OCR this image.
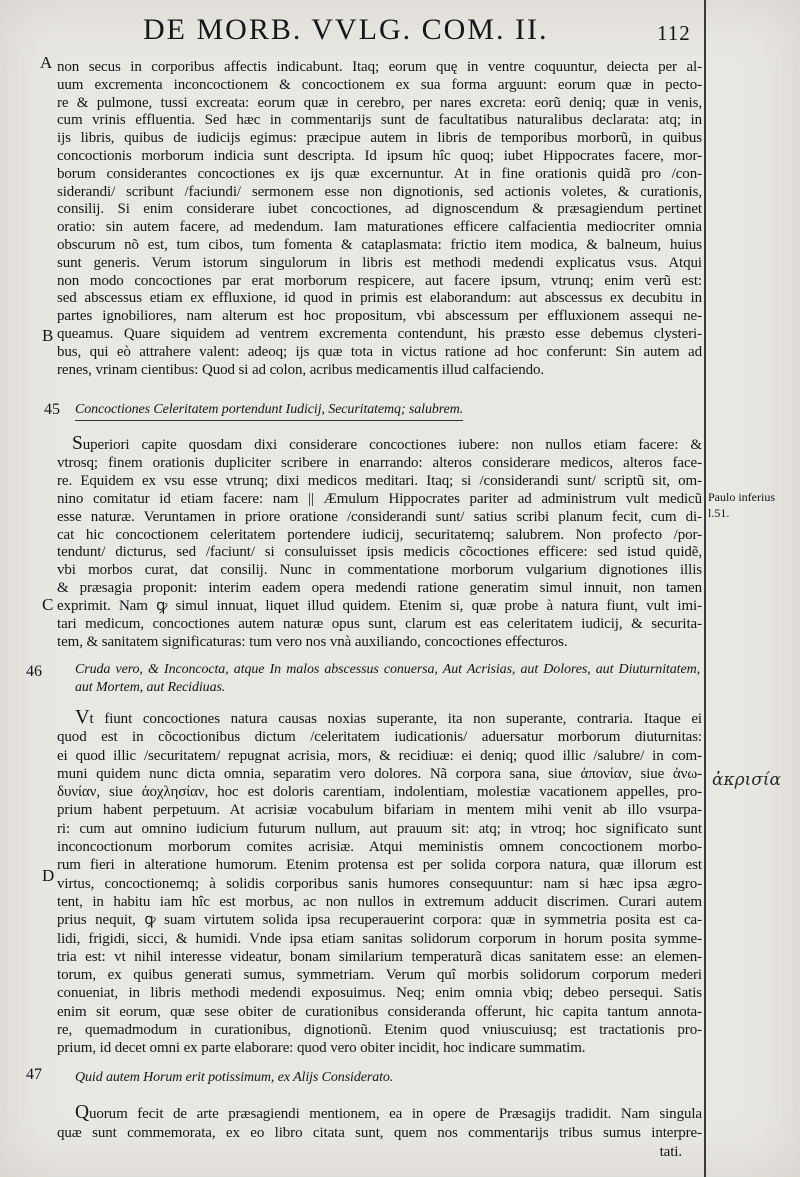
DE MORB. VVLG. COM. II.	112
A
B
C
D
45
46
47
Paulo inferius
l.51.
ἀκρισία
non secus in corporibus affectis indicabunt. Itaq; eorum quę in ventre coquuntur, deiecta per al-
uum excrementa inconcoctionem & concoctionem ex sua forma arguunt: eorum quæ in pecto-
re & pulmone, tussi excreata: eorum quæ in cerebro, per nares excreta: eorũ deniq; quæ in venis,
cum vrinis effluentia. Sed hæc in commentarijs sunt de facultatibus naturalibus declarata: atq; in
ijs libris, quibus de iudicijs egimus: præcipue autem in libris de temporibus morborũ, in quibus
concoctionis morborum indicia sunt descripta. Id ipsum hîc quoq; iubet Hippocrates facere, mor-
borum considerantes concoctiones ex ijs quæ excernuntur. At in fine orationis quidã pro /con-
siderandi/ scribunt /faciundi/ sermonem esse non dignotionis, sed actionis voletes, & curationis,
consilij. Si enim considerare iubet concoctiones, ad dignoscendum & præsagiendum pertinet
oratio: sin autem facere, ad medendum. Iam maturationes efficere calfacientia mediocriter omnia
obscurum nõ est, tum cibos, tum fomenta & cataplasmata: frictio item modica, & balneum, huius
sunt generis. Verum istorum singulorum in libris est methodi medendi explicatus vsus. Atqui
non modo concoctiones par erat morborum respicere, aut facere ipsum, vtrunq; enim verũ est:
sed abscessus etiam ex effluxione, id quod in primis est elaborandum: aut abscessus ex decubitu in
partes ignobiliores, nam alterum est hoc propositum, vbi abscessum per effluxionem assequi ne-
queamus. Quare siquidem ad ventrem excrementa contendunt, his præsto esse debemus clysteri-
bus, qui eò attrahere valent: adeoq; ijs quæ tota in victus ratione ad hoc conferunt: Sin autem ad
renes, vrinam cientibus: Quod si ad colon, acribus medicamentis illud calfaciendo.
Concoctiones Celeritatem portendunt Iudicij, Securitatemq; salubrem.
Superiori capite quosdam dixi considerare concoctiones iubere: non nullos etiam facere: &
vtrosq; finem orationis dupliciter scribere in enarrando: alteros considerare medicos, alteros face-
re. Equidem ex vsu esse vtrunq; dixi medicos meditari. Itaq; si /considerandi sunt/ scriptũ sit, om-
nino comitatur id etiam facere: nam || Æmulum Hippocrates pariter ad administrum vult medicũ
esse naturæ. Veruntamen in priore oratione /considerandi sunt/ satius scribi planum fecit, cum di-
cat hic concoctionem celeritatem portendere iudicij, securitatemq; salubrem. Non profecto /por-
tendunt/ dicturus, sed /faciunt/ si consuluisset ipsis medicis cõcoctiones efficere: sed istud quidẽ,
vbi morbos curat, dat consilij. Nunc in commentatione morborum vulgarium dignotiones illis
& præsagia proponit: interim eadem opera medendi ratione generatim simul innuit, non tamen
exprimit. Nam ꝙ simul innuat, liquet illud quidem. Etenim si, quæ probe à natura fiunt, vult imi-
tari medicum, concoctiones autem naturæ opus sunt, clarum est eas celeritatem iudicij, & securita-
tem, & sanitatem significaturas: tum vero nos vnà auxiliando, concoctiones effecturos.
Cruda vero, & Inconcocta, atque In malos abscessus conuersa, Aut Acrisias, aut Dolores, aut Diuturnitatem,
aut Mortem, aut Recidiuas.
Vt fiunt concoctiones natura causas noxias superante, ita non superante, contraria. Itaque ei
quod est in cõcoctionibus dictum /celeritatem iudicationis/ aduersatur morborum diuturnitas:
ei quod illic /securitatem/ repugnat acrisia, mors, & recidiuæ: ei deniq; quod illic /salubre/ in com-
muni quidem nunc dicta omnia, separatim vero dolores. Nã corpora sana, siue ἀπονίαν, siue ἀνω-
δυνίαν, siue ἀοχλησίαν, hoc est doloris carentiam, indolentiam, molestiæ vacationem appelles, pro-
prium habent perpetuum. At acrisiæ vocabulum bifariam in mentem mihi venit ab illo vsurpa-
ri: cum aut omnino iudicium futurum nullum, aut prauum sit: atq; in vtroq; hoc significato sunt
inconcoctionum morborum comites acrisiæ. Atqui meministis omnem concoctionem morbo-
rum fieri in alteratione humorum. Etenim protensa est per solida corpora natura, quæ illorum est
virtus, concoctionemq; à solidis corporibus sanis humores consequuntur: nam si hæc ipsa ægro-
tent, in habitu iam hîc est morbus, ac non nullos in extremum adducit discrimen. Curari autem
prius nequit, ꝙ suam virtutem solida ipsa recuperauerint corpora: quæ in symmetria posita est ca-
lidi, frigidi, sicci, & humidi. Vnde ipsa etiam sanitas solidorum corporum in horum posita symme-
tria est: vt nihil interesse videatur, bonam similarium temperaturã dicas sanitatem esse: an elemen-
torum, ex quibus generati sumus, symmetriam. Verum quî morbis solidorum corporum mederi
conueniat, in libris methodi medendi exposuimus. Neq; enim omnia vbiq; debeo persequi. Satis
enim sit eorum, quæ sese obiter de curationibus consideranda offerunt, hic capita tantum annota-
re, quemadmodum in curationibus, dignotionũ. Etenim quod vniuscuiusq; est tractationis pro-
prium, id decet omni ex parte elaborare: quod vero obiter incidit, hoc indicare summatim.
Quid autem Horum erit potissimum, ex Alijs Considerato.
Quorum fecit de arte præsagiendi mentionem, ea in opere de Præsagijs tradidit. Nam singula
quæ sunt commemorata, ex eo libro citata sunt, quem nos commentarijs tribus sumus interpre-
tati.
